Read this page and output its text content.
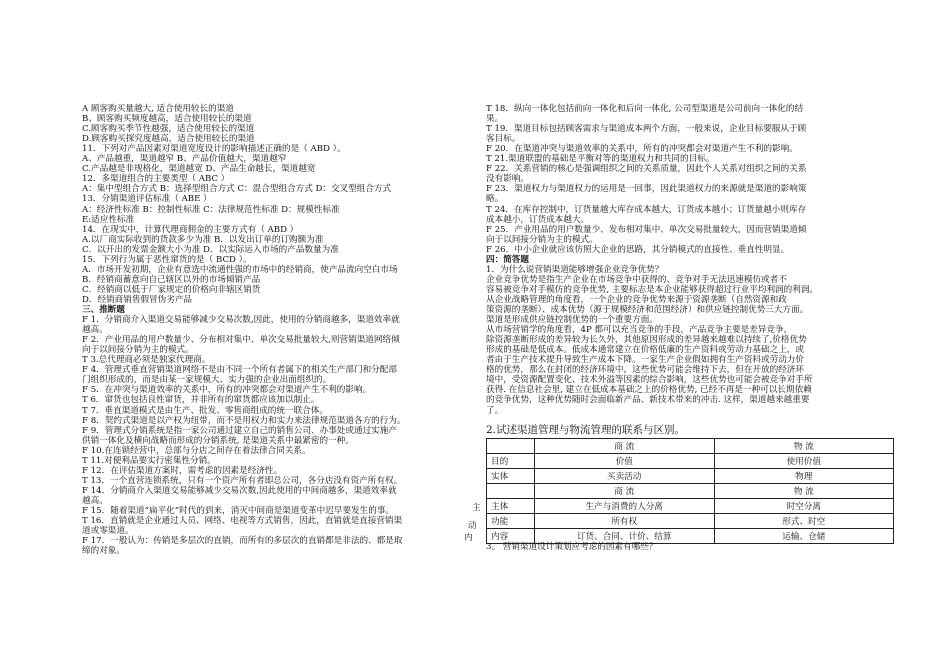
A 顾客购买量越大, 适合使用较长的渠道
B、顾客购买频度越高，适合使用较长的渠道
C.顾客购买季节性越强，适合使用较长的渠道
D.顾客购买探究度越高，适合使用较长的渠道
11．下列对产品因素对渠道宽度设计的影响描述正确的是（ ABD ）。
A、产品越重，渠道越窄 B、产品价值越大，渠道越窄
C.产品越是非规格化，渠道越宽 D、产品生命越长，渠道越宽
12．多渠道组合的主要类型（ ABC ）
A：集中型组合方式 B：选择型组合方式 C：混合型组合方式 D：交叉型组合方式
13．分销渠道评估标准（ ABE ）
A：经济性标准 B：控制性标准 C：法律规范性标准 D：规模性标准
E:适应性标准
14．在现实中，计算代理商佣金的主要方式有（ ABD ）
A.以厂商实际收到的货款多少为准 B．以发出订单的订购额为准
C．以开出的发票金额大小为准 D．以实际运入市场的产品数量为准
15．下列行为属于恶性窜货的是（ BCD ）。
A．市场开发初期，企业有意选中流通性强的市场中的经销商，使产品流向空白市场
B．经销商蓄意向自己辖区以外的市场倾销产品
C．经销商以低于厂家规定的价格向非辖区销货
D．经销商销售假冒伪劣产品
三、推断题
F 1．分销商介入渠道交易能够减少交易次数,因此，使用的分销商越多，渠道效率就
越高。
F 2．产业用品的用户数量少、分布相对集中、单次交易批量较大,则营销渠道网络倾
向于以间接分销为主的模式。
T 3.总代理商必须是独家代理商。
F 4．管理式垂直营销渠道网络不是由不同一个所有者属下的相关生产部门和分配部
门组织形成的，而是由某一家规模大、实力强的企业出面组织的。
F 5．在冲突与渠道效率的关系中，所有的冲突都会对渠道产生不利的影响。
T 6．窜货也包括良性窜货，并非所有的窜货都应该加以制止。
T 7．垂直渠道模式是由生产、批发、零售商组成的统一联合体。
F 8．契约式渠道是以产权为纽带，而不是用权力和实力来法律规范渠道各方的行为。
F 9．管理式分销系统是指一家公司通过建立自己的销售公司、办事处或通过实施产
供销一体化及横向战略而形成的分销系统, 是渠道关系中最紧密的一种。
F 10.在连锁经营中，总部与分店之间存在着法律合同关系。
T 11.对便利品要实行密集性分销。
F 12．在评估渠道方案时，需考虑的因素是经济性。
T 13．一个直营连锁系统，只有一个资产所有者即总公司，各分店没有资产所有权。
F 14．分销商介入渠道交易能够减少交易次数,因此使用的中间商越多，渠道效率就
越高。
F 15．随着渠道“扁平化”时代的到来，消灭中间商是渠道变革中迟早要发生的事。
T 16．直销就是企业通过人员、网络、电视等方式销售，因此，直销就是直接营销渠
道或零渠道。
F 17．一般认为：传销是多层次的直销，而所有的多层次的直销都是非法的、都是取
缔的对象。
T 18．纵向一体化包括前向一体化和后向一体化, 公司型渠道是公司前向一体化的结
果。
T 19．渠道目标包括顾客需求与渠道成本两个方面，一般来说，企业目标要服从于顾
客目标。
F 20．在渠道冲突与渠道效率的关系中，所有的冲突都会对渠道产生不利的影响。
T 21.渠道联盟的基础是平衡对等的渠道权力和共同的目标。
F 22．关系营销的核心是强调组织之间的关系质量，因此个人关系对组织之间的关系
没有影响。
F 23．渠道权力与渠道权力的运用是一回事，因此渠道权力的来源就是渠道的影响策
略。
T 24．在库存控制中，订货量越大库存成本越大，订货成本越小；订货量越小则库存
成本越小，订货成本越大。
F 25．产业用品的用户数量少、发布相对集中、单次交易批量较大，因而营销渠道倾
向于以间接分销为主的模式。
F 26．中小企业就应该仿照大企业的思路，其分销模式的直接性、垂直性明显。
四：简答题
1．为什么说营销渠道能够增强企业竞争优势？
企业竞争优势是指生产企业在市场竞争中获得的、竞争对手无法迅速模仿或者不
容易被竞争对手模仿的竞争优势, 主要标志是本企业能够获得超过行业平均利润的利润。
从企业战略管理的角度看，一个企业的竞争优势来源于资源垄断（自然资源和政
策资源的垄断）、成本优势（源于规模经济和范围经济）和供应链控制优势三大方面。
渠道是形成供应链控制优势的一个重要方面。
从市场营销学的角度看，4P 都可以充当竞争的手段，产品竞争主要是差异竞争，
除资源垄断形成的差异较为长久外，其他原因形成的差异越来越难以持续了,价格优势
形成的基础是低成本。低成本通常建立在价格低廉的生产资料或劳动力基础之上，或
者由于生产技术提升导致生产成本下降。一家生产企业假如拥有生产资料或劳动力价
格的优势，那么在封闭的经济环境中，这些优势可能会维持下去，但在开放的经济环
境中，受资源配置变化、技术外溢等因素的综合影响，这些优势也可能会被竞争对手所
获得. 在信息社会里, 建立在低成本基础之上的价格优势, 已经不再是一种可以长期依赖
的竞争优势，这种优势随时会面临新产品、新技术带来的冲击. 这样，渠道越来越重要
了。
动
主
内
2.试述渠道管理与物流管理的联系与区别。
	商 流	物 流
目的	价值	使用价值
实体	买卖活动	物理
	商 流	物 流
主体	生产与消费的人分离	时空分离
功能	所有权	形式、时空
内容	订货、合同、计价、结算	运输、仓储
3。 营销渠道设计策划应考虑的因素有哪些？
